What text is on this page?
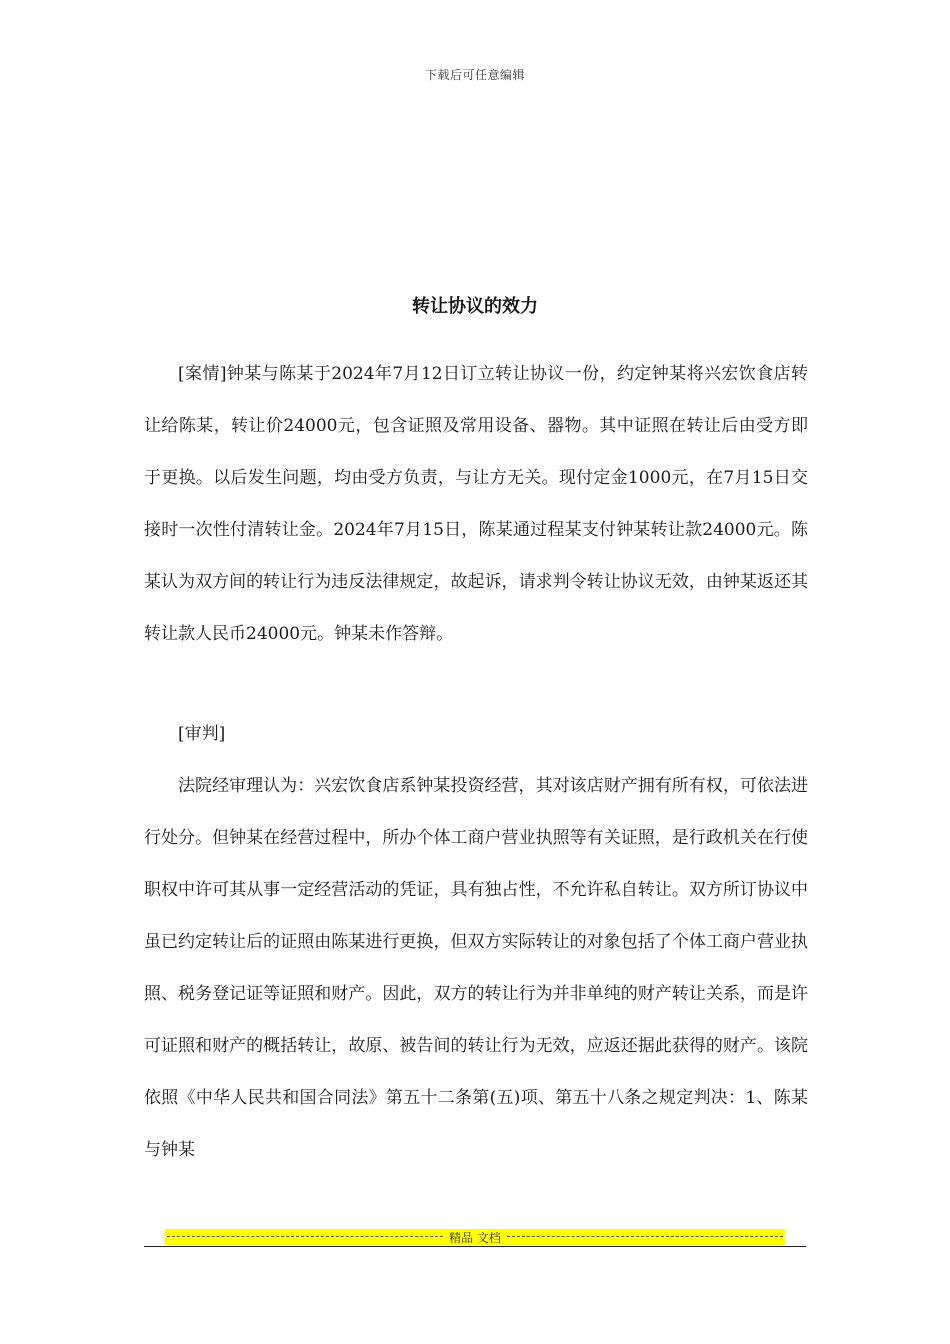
下载后可任意编辑
转让协议的效力

[案情]钟某与陈某于2024年7月12日订立转让协议一份，约定钟某将兴宏饮食店转让给陈某，转让价24000元，包含证照及常用设备、器物。其中证照在转让后由受方即于更换。以后发生问题，均由受方负责，与让方无关。现付定金1000元，在7月15日交接时一次性付清转让金。2024年7月15日，陈某通过程某支付钟某转让款24000元。陈某认为双方间的转让行为违反法律规定，故起诉，请求判令转让协议无效，由钟某返还其转让款人民币24000元。钟某未作答辩。

[审判]

法院经审理认为：兴宏饮食店系钟某投资经营，其对该店财产拥有所有权，可依法进行处分。但钟某在经营过程中，所办个体工商户营业执照等有关证照，是行政机关在行使职权中许可其从事一定经营活动的凭证，具有独占性，不允许私自转让。双方所订协议中虽已约定转让后的证照由陈某进行更换，但双方实际转让的对象包括了个体工商户营业执照、税务登记证等证照和财产。因此，双方的转让行为并非单纯的财产转让关系，而是许可证照和财产的概括转让，故原、被告间的转让行为无效，应返还据此获得的财产。该院依照《中华人民共和国合同法》第五十二条第(五)项、第五十八条之规定判决：1、陈某与钟某

精品 文档
